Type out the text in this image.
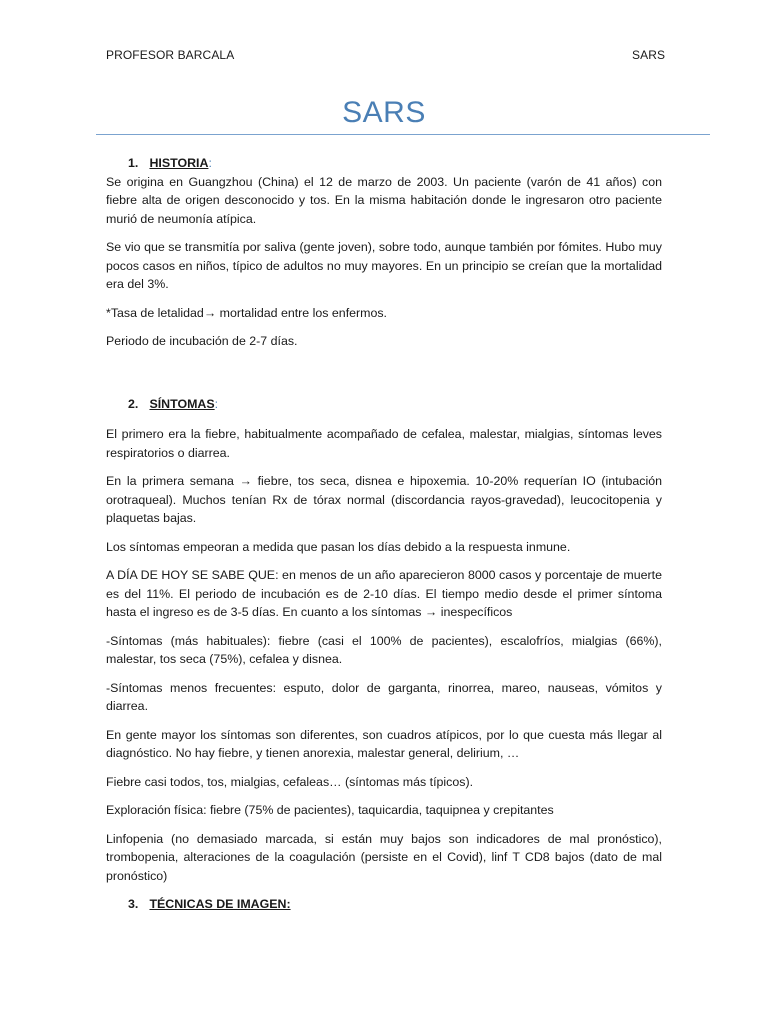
PROFESOR BARCALA	SARS
SARS
1. HISTORIA:

Se origina en Guangzhou (China) el 12 de marzo de 2003. Un paciente (varón de 41 años) con fiebre alta de origen desconocido y tos. En la misma habitación donde le ingresaron otro paciente murió de neumonía atípica.

Se vio que se transmitía por saliva (gente joven), sobre todo, aunque también por fómites. Hubo muy pocos casos en niños, típico de adultos no muy mayores. En un principio se creían que la mortalidad era del 3%.

*Tasa de letalidad→ mortalidad entre los enfermos.

Periodo de incubación de 2-7 días.

2. SÍNTOMAS:

El primero era la fiebre, habitualmente acompañado de cefalea, malestar, mialgias, síntomas leves respiratorios o diarrea.

En la primera semana → fiebre, tos seca, disnea e hipoxemia. 10-20% requerían IO (intubación orotraqueal). Muchos tenían Rx de tórax normal (discordancia rayos-gravedad), leucocitopenia y plaquetas bajas.

Los síntomas empeoran a medida que pasan los días debido a la respuesta inmune.

A DÍA DE HOY SE SABE QUE: en menos de un año aparecieron 8000 casos y porcentaje de muerte es del 11%. El periodo de incubación es de 2-10 días. El tiempo medio desde el primer síntoma hasta el ingreso es de 3-5 días. En cuanto a los síntomas → inespecíficos

-Síntomas (más habituales): fiebre (casi el 100% de pacientes), escalofríos, mialgias (66%), malestar, tos seca (75%), cefalea y disnea.

-Síntomas menos frecuentes: esputo, dolor de garganta, rinorrea, mareo, nauseas, vómitos y diarrea.

En gente mayor los síntomas son diferentes, son cuadros atípicos, por lo que cuesta más llegar al diagnóstico. No hay fiebre, y tienen anorexia, malestar general, delirium, …

Fiebre casi todos, tos, mialgias, cefaleas… (síntomas más típicos).

Exploración física: fiebre (75% de pacientes), taquicardia, taquipnea y crepitantes

Linfopenia (no demasiado marcada, si están muy bajos son indicadores de mal pronóstico), trombopenia, alteraciones de la coagulación (persiste en el Covid), linf T CD8 bajos (dato de mal pronóstico)

3. TÉCNICAS DE IMAGEN:
